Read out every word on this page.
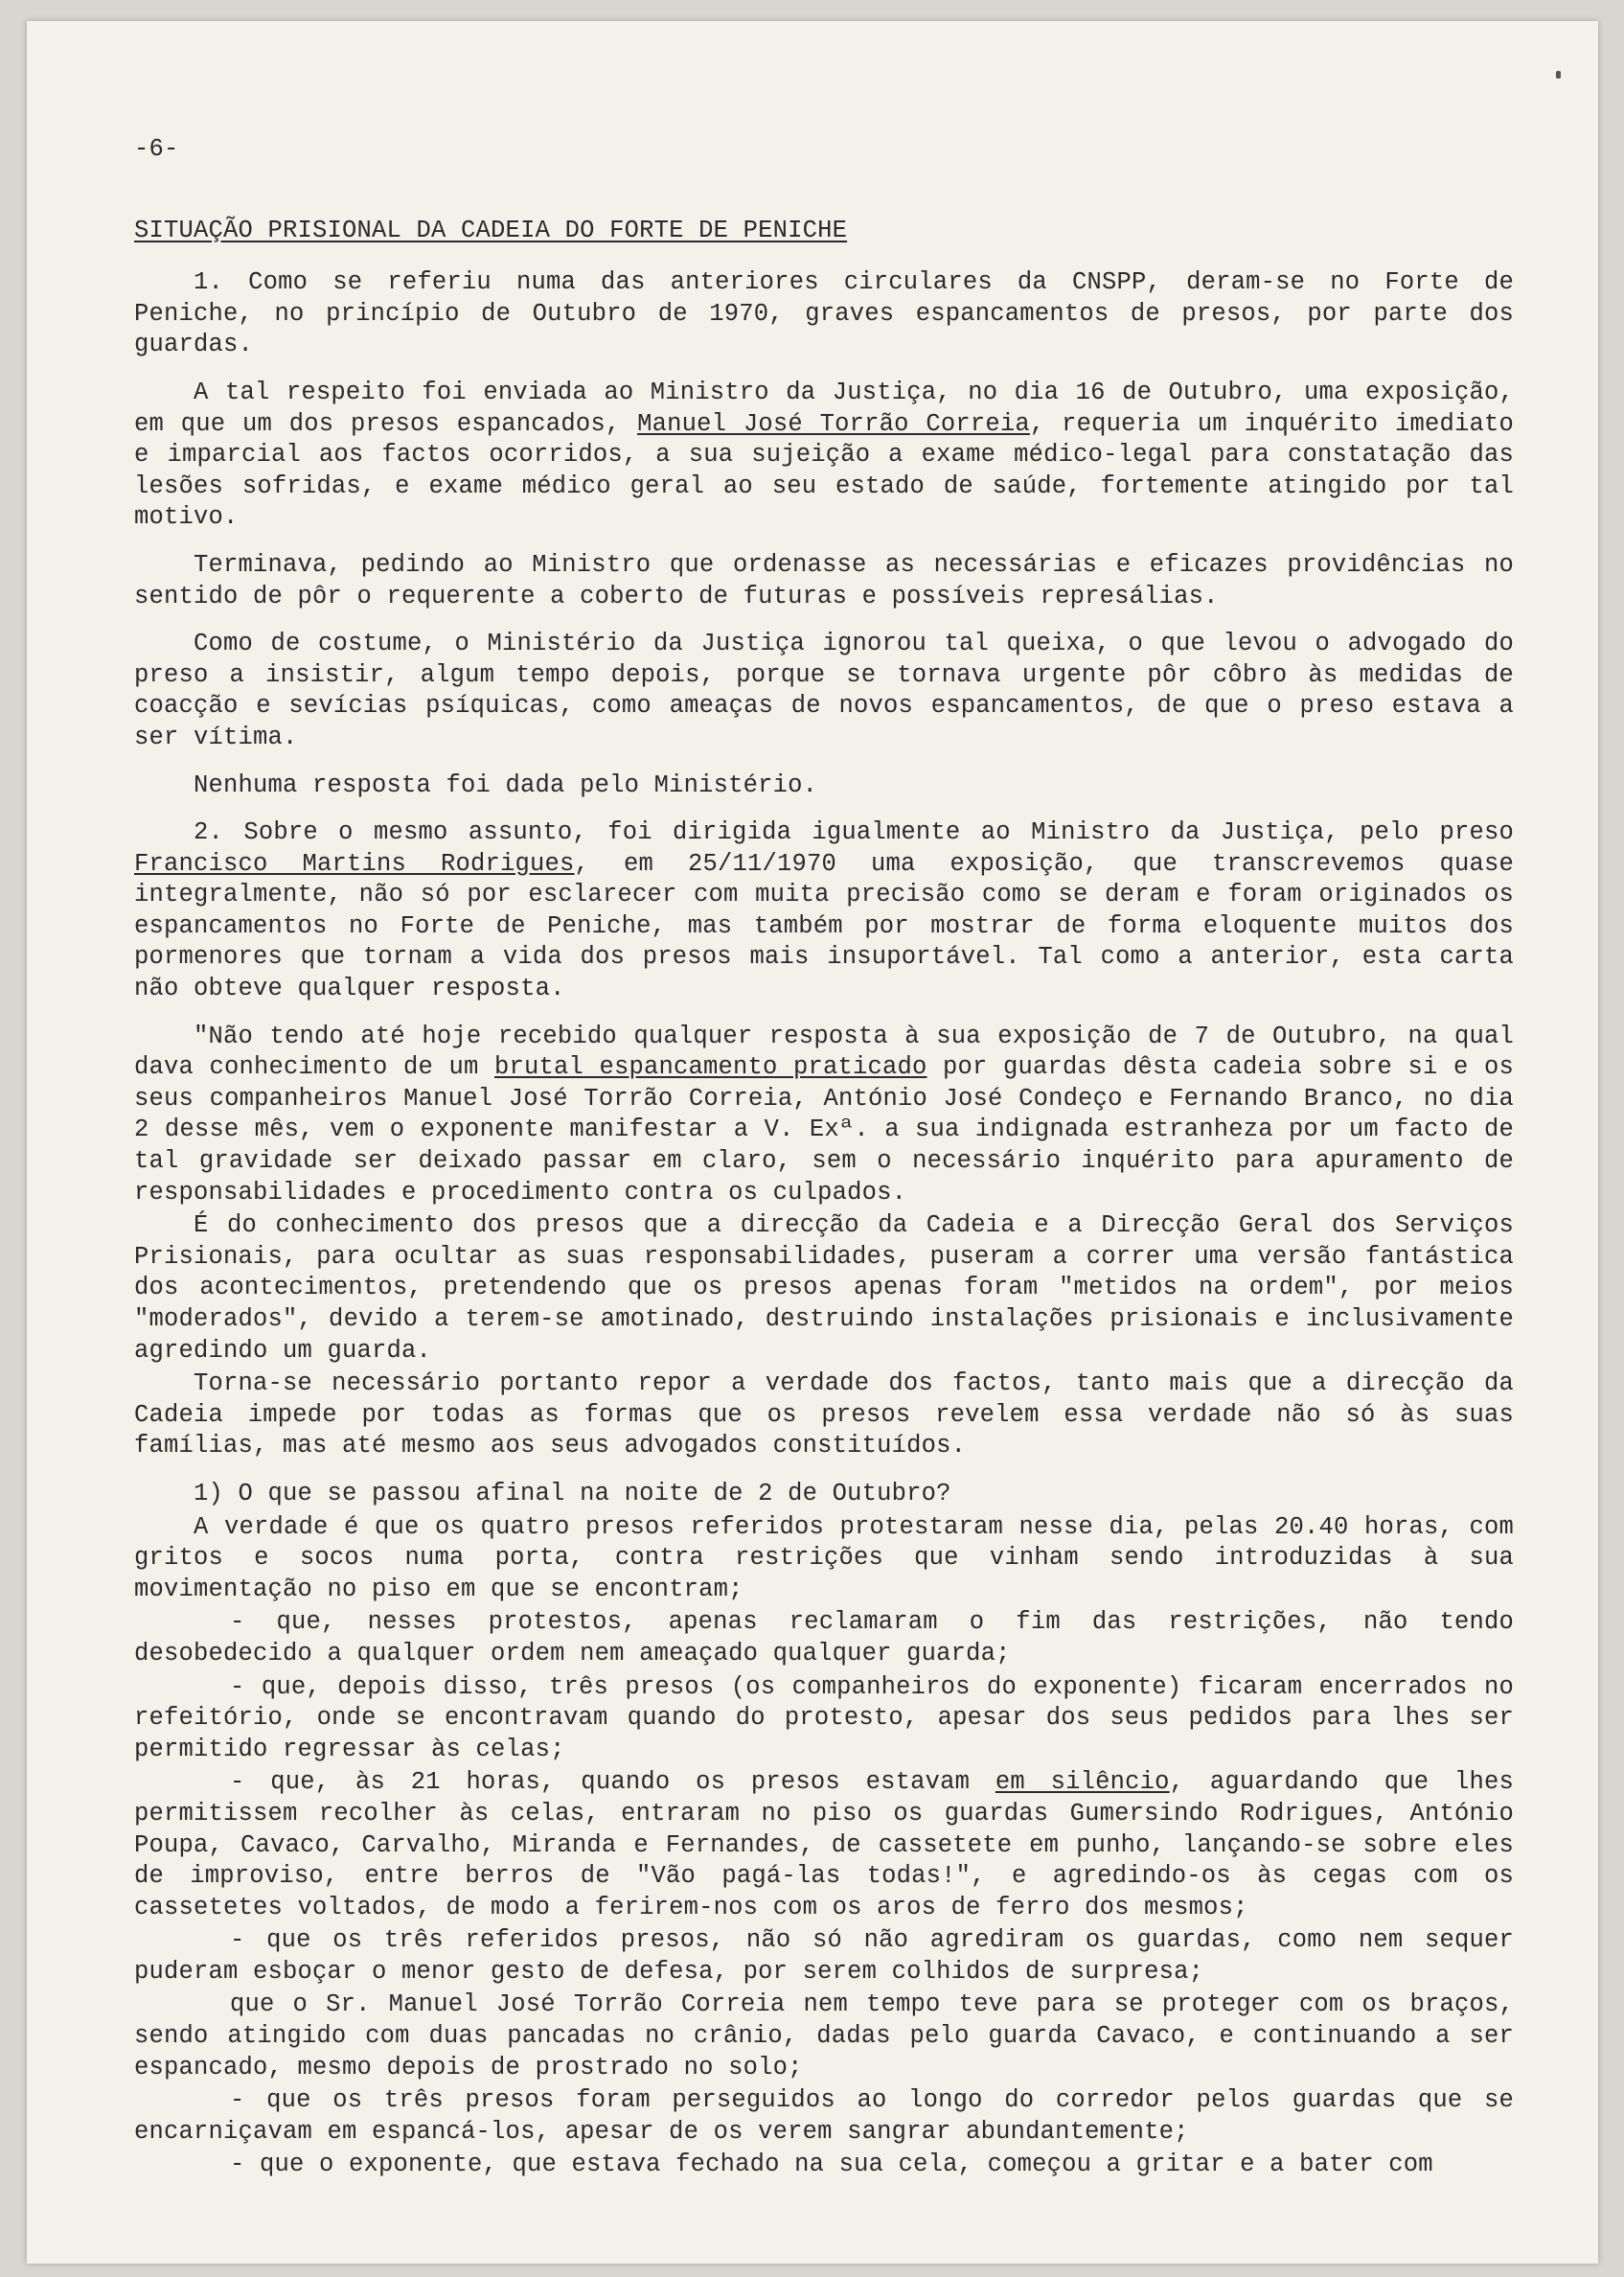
-6-
SITUAÇÃO PRISIONAL DA CADEIA DO FORTE DE PENICHE

1. Como se referiu numa das anteriores circulares da CNSPP, deram-se no Forte de Peniche, no princípio de Outubro de 1970, graves espancamentos de presos, por parte dos guardas.

A tal respeito foi enviada ao Ministro da Justiça, no dia 16 de Outubro, uma exposição, em que um dos presos espancados, Manuel José Torrão Correia, requeria um inquérito imediato e imparcial aos factos ocorridos, a sua sujeição a exame médico-legal para constatação das lesões sofridas, e exame médico geral ao seu estado de saúde, fortemente atingido por tal motivo.

Terminava, pedindo ao Ministro que ordenasse as necessárias e eficazes providências no sentido de pôr o requerente a coberto de futuras e possíveis represálias.

Como de costume, o Ministério da Justiça ignorou tal queixa, o que levou o advogado do preso a insistir, algum tempo depois, porque se tornava urgente pôr côbro às medidas de coacção e sevícias psíquicas, como ameaças de novos espancamentos, de que o preso estava a ser vítima.

Nenhuma resposta foi dada pelo Ministério.

2. Sobre o mesmo assunto, foi dirigida igualmente ao Ministro da Justiça, pelo preso Francisco Martins Rodrigues, em 25/11/1970 uma exposição, que transcrevemos quase integralmente, não só por esclarecer com muita precisão como se deram e foram originados os espancamentos no Forte de Peniche, mas também por mostrar de forma eloquente muitos dos pormenores que tornam a vida dos presos mais insuportável. Tal como a anterior, esta carta não obteve qualquer resposta.

"Não tendo até hoje recebido qualquer resposta à sua exposição de 7 de Outubro, na qual dava conhecimento de um brutal espancamento praticado por guardas dêsta cadeia sobre si e os seus companheiros Manuel José Torrão Correia, António José Condeço e Fernando Branco, no dia 2 desse mês, vem o exponente manifestar a V. Exª. a sua indignada estranheza por um facto de tal gravidade ser deixado passar em claro, sem o necessário inquérito para apuramento de responsabilidades e procedimento contra os culpados.

É do conhecimento dos presos que a direcção da Cadeia e a Direcção Geral dos Serviços Prisionais, para ocultar as suas responsabilidades, puseram a correr uma versão fantástica dos acontecimentos, pretendendo que os presos apenas foram "metidos na ordem", por meios "moderados", devido a terem-se amotinado, destruindo instalações prisionais e inclusivamente agredindo um guarda.

Torna-se necessário portanto repor a verdade dos factos, tanto mais que a direcção da Cadeia impede por todas as formas que os presos revelem essa verdade não só às suas famílias, mas até mesmo aos seus advogados constituídos.

1) O que se passou afinal na noite de 2 de Outubro?

A verdade é que os quatro presos referidos protestaram nesse dia, pelas 20.40 horas, com gritos e socos numa porta, contra restrições que vinham sendo introduzidas à sua movimentação no piso em que se encontram;

- que, nesses protestos, apenas reclamaram o fim das restrições, não tendo desobedecido a qualquer ordem nem ameaçado qualquer guarda;

- que, depois disso, três presos (os companheiros do exponente) ficaram encerrados no refeitório, onde se encontravam quando do protesto, apesar dos seus pedidos para lhes ser permitido regressar às celas;

- que, às 21 horas, quando os presos estavam em silêncio, aguardando que lhes permitissem recolher às celas, entraram no piso os guardas Gumersindo Rodrigues, António Poupa, Cavaco, Carvalho, Miranda e Fernandes, de cassetete em punho, lançando-se sobre eles de improviso, entre berros de "Vão pagá-las todas!", e agredindo-os às cegas com os cassetetes voltados, de modo a ferirem-nos com os aros de ferro dos mesmos;

- que os três referidos presos, não só não agrediram os guardas, como nem sequer puderam esboçar o menor gesto de defesa, por serem colhidos de surpresa;

que o Sr. Manuel José Torrão Correia nem tempo teve para se proteger com os braços, sendo atingido com duas pancadas no crânio, dadas pelo guarda Cavaco, e continuando a ser espancado, mesmo depois de prostrado no solo;

- que os três presos foram perseguidos ao longo do corredor pelos guardas que se encarniçavam em espancá-los, apesar de os verem sangrar abundantemente;

- que o exponente, que estava fechado na sua cela, começou a gritar e a bater com
